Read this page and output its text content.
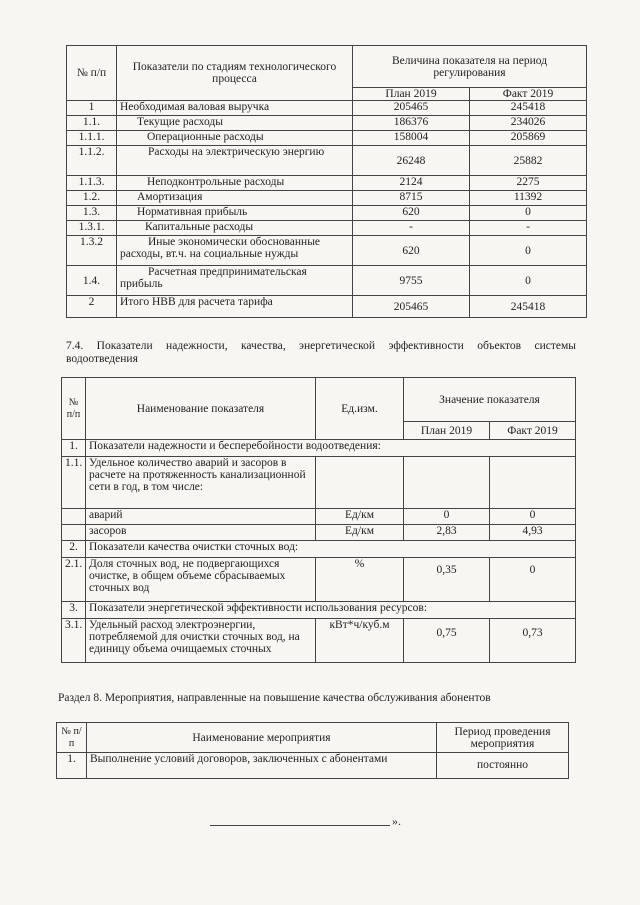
№ п/п	Показатели по стадиям технологического процесса	Величина показателя на период регулирования	
		План 2019	Факт 2019
1	Необходимая валовая выручка	205465	245418
1.1.	Текущие расходы	186376	234026
1.1.1.	Операционные расходы	158004	205869
1.1.2.	Расходы на электрическую энергию	26248	25882
1.1.3.	Неподконтрольные расходы	2124	2275
1.2.	Амортизация	8715	11392
1.3.	Нормативная прибыль	620	0
1.3.1.	Капитальные расходы	-	-
1.3.2	Иные экономически обоснованные расходы, вт.ч. на социальные нужды	620	0
1.4.	Расчетная предпринимательская прибыль	9755	0
2	Итого НВВ для расчета тарифа	205465	245418
7.4. Показатели надежности, качества, энергетической эффективности объектов системы водоотведения
№ п/п	Наименование показателя	Ед.изм.	Значение показателя	
			План 2019	Факт 2019
1.	Показатели надежности и бесперебойности водоотведения:			
1.1.	Удельное количество аварий и засоров в расчете на протяженность канализационной сети в год, в том числе:			
	аварий	Ед/км	0	0
	засоров	Ед/км	2,83	4,93
2.	Показатели качества очистки сточных вод:			
2.1.	Доля сточных вод, не подвергающихся очистке, в общем объеме сбрасываемых сточных вод	%	0,35	0
3.	Показатели энергетической эффективности использования ресурсов:			
3.1.	Удельный расход электроэнергии, потребляемой для очистки сточных вод, на единицу объема очищаемых сточных	кВт*ч/куб.м	0,75	0,73
Раздел 8. Мероприятия, направленные на повышение качества обслуживания абонентов
№ п/п	Наименование мероприятия	Период проведения мероприятия
1.	Выполнение условий договоров, заключенных с абонентами	постоянно
».
